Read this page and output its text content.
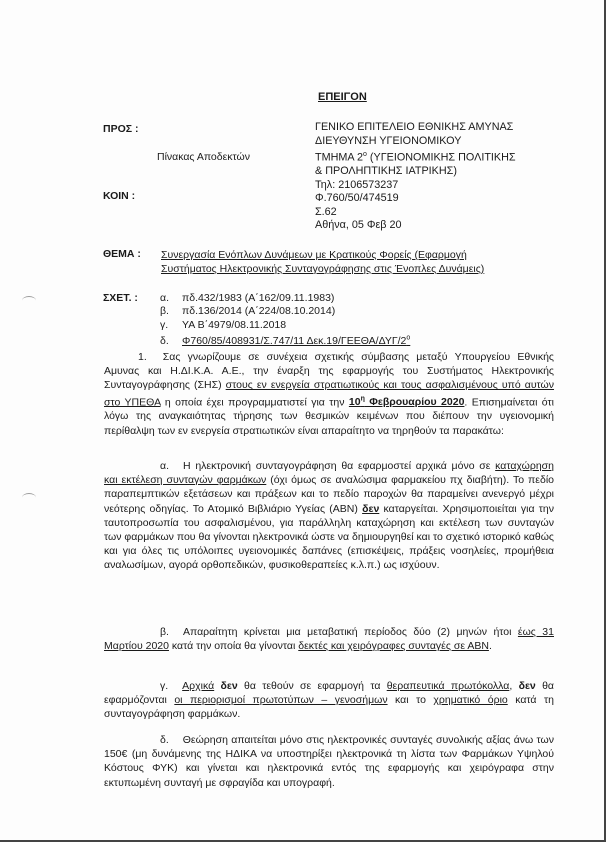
ΕΠΕΙΓΟΝ
ΠΡΟΣ :
Πίνακας Αποδεκτών
ΚΟΙΝ :
ΓΕΝΙΚΟ ΕΠΙΤΕΛΕΙΟ ΕΘΝΙΚΗΣ ΑΜΥΝΑΣ
ΔΙΕΥΘΥΝΣΗ ΥΓΕΙΟΝΟΜΙΚΟΥ
ΤΜΗΜΑ $2^o$ (ΥΓΕΙΟΝΟΜΙΚΗΣ ΠΟΛΙΤΙΚΗΣ
& ΠΡΟΛΗΠΤΙΚΗΣ ΙΑΤΡΙΚΗΣ)
Τηλ: 2106573237
Φ.760/50/474519
Σ.62
Αθήνα, 05 Φεβ 20
ΘΕΜΑ : Συνεργασία Ενόπλων Δυνάμεων με Κρατικούς Φορείς (Εφαρμογή
Συστήματος Ηλεκτρονικής Συνταγογράφησης στις Ένοπλες Δυνάμεις)
ΣΧΕΤ. : α. πδ.432/1983 (Α΄162/09.11.1983)
β. πδ.136/2014 (Α΄224/08.10.2014)
γ. ΥΑ Β΄4979/08.11.2018
δ. Φ760/85/408931/Σ.747/11 $\Delta\varepsilon\kappa.19/\Gamma EE\Theta A/\Delta\Upsilon\Gamma/2^o$
1. Σας γνωρίζουμε σε συνέχεια σχετικής σύμβασης μεταξύ Υπουργείου Εθνικής Αμυνας και Η.ΔΙ.Κ.Α. Α.Ε., την έναρξη της εφαρμογής του Συστήματος Ηλεκτρονικής Συνταγογράφησης (ΣΗΣ) στους εν ενεργεία στρατιωτικούς και τους ασφαλισμένους υπό αυτών στο ΥΠΕΘΑ η οποία έχει προγραμματιστεί για την $10^\eta$ Φεβρουαρίου 2020. Επισημαίνεται ότι λόγω της αναγκαιότητας τήρησης των θεσμικών κειμένων που διέπουν την υγειονομική περίθαλψη των εν ενεργεία στρατιωτικών είναι απαραίτητο να τηρηθούν τα παρακάτω:
α. Η ηλεκτρονική συνταγογράφηση θα εφαρμοστεί αρχικά μόνο σε καταχώρηση και εκτέλεση συνταγών φαρμάκων (όχι όμως σε αναλώσιμα φαρμακείου πχ διαβήτη). Το πεδίο παραπεμπτικών εξετάσεων και πράξεων και το πεδίο παροχών θα παραμείνει ανενεργό μέχρι νεότερης οδηγίας. Το Ατομικό Βιβλιάριο Υγείας (ΑΒΝ) δεν καταργείται. Χρησιμοποιείται για την ταυτοπροσωπία του ασφαλισμένου, για παράλληλη καταχώρηση και εκτέλεση των συνταγών των φαρμάκων που θα γίνονται ηλεκτρονικά ώστε να δημιουργηθεί και το σχετικό ιστορικό καθώς και για όλες τις υπόλοιπες υγειονομικές δαπάνες (επισκέψεις, πράξεις νοσηλείες, προμήθεια αναλωσίμων, αγορά ορθοπεδικών, φυσικοθεραπείες κ.λ.π.) ως ισχύουν.
β. Απαραίτητη κρίνεται μια μεταβατική περίοδος δύο (2) μηνών ήτοι έως 31 Μαρτίου 2020 κατά την οποία θα γίνονται δεκτές και χειρόγραφες συνταγές σε ΑΒΝ.
γ. Αρχικά δεν θα τεθούν σε εφαρμογή τα θεραπευτικά πρωτόκολλα, δεν θα εφαρμόζονται οι περιορισμοί πρωτοτύπων – γενοσήμων και το χρηματικό όριο κατά τη συνταγογράφηση φαρμάκων.
δ. Θεώρηση απαιτείται μόνο στις ηλεκτρονικές συνταγές συνολικής αξίας άνω των 150€ (μη δυνάμενης της ΗΔΙΚΑ να υποστηρίξει ηλεκτρονικά τη λίστα των Φαρμάκων Υψηλού Κόστους ΦΥΚ) και γίνεται και ηλεκτρονικά εντός της εφαρμογής και χειρόγραφα στην εκτυπωμένη συνταγή με σφραγίδα και υπογραφή.
